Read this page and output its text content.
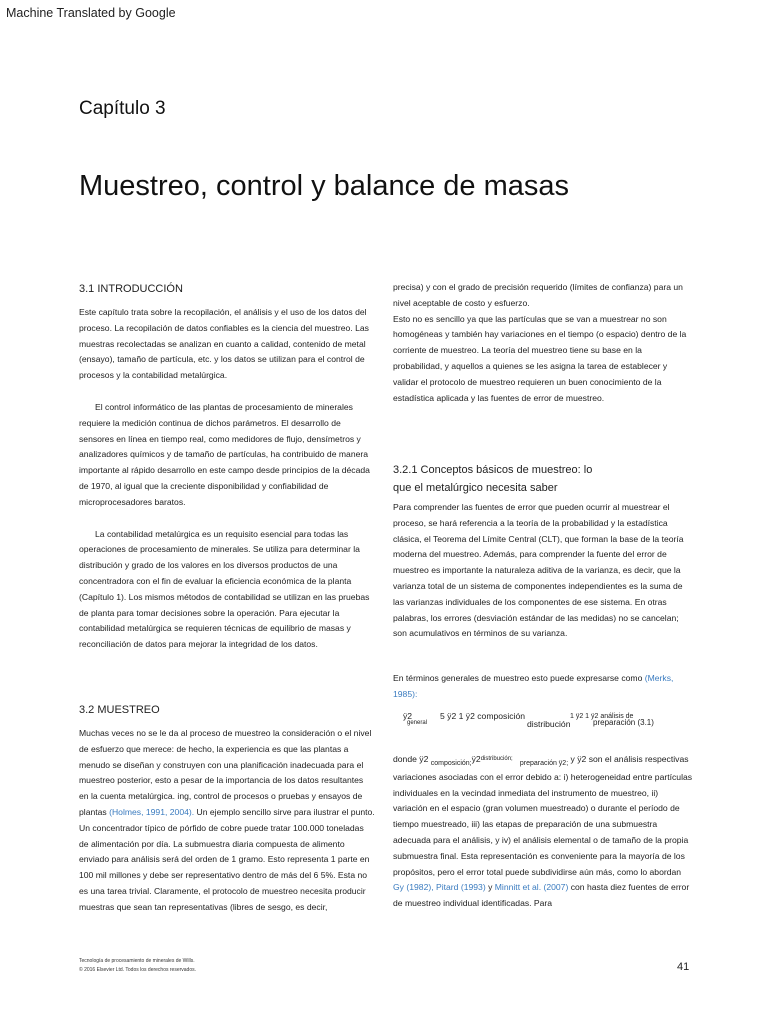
Machine Translated by Google
Capítulo 3
Muestreo, control y balance de masas
3.1 INTRODUCCIÓN

Este capítulo trata sobre la recopilación, el análisis y el uso de los datos del proceso. La recopilación de datos confiables es la ciencia del muestreo. Las muestras recolectadas se analizan en cuanto a calidad, contenido de metal (ensayo), tamaño de partícula, etc. y los datos se utilizan para el control de procesos y la contabilidad metalúrgica.

El control informático de las plantas de procesamiento de minerales requiere la medición continua de dichos parámetros. El desarrollo de sensores en línea en tiempo real, como medidores de flujo, densímetros y analizadores químicos y de tamaño de partículas, ha contribuido de manera importante al rápido desarrollo en este campo desde principios de la década de 1970, al igual que la creciente disponibilidad y confiabilidad de microprocesadores baratos.

La contabilidad metalúrgica es un requisito esencial para todas las operaciones de procesamiento de minerales. Se utiliza para determinar la distribución y grado de los valores en los diversos productos de una concentradora con el fin de evaluar la eficiencia económica de la planta (Capítulo 1). Los mismos métodos de contabilidad se utilizan en las pruebas de planta para tomar decisiones sobre la operación. Para ejecutar la contabilidad metalúrgica se requieren técnicas de equilibrio de masas y reconciliación de datos para mejorar la integridad de los datos.

3.2 MUESTREO

Muchas veces no se le da al proceso de muestreo la consideración o el nivel de esfuerzo que merece: de hecho, la experiencia es que las plantas a menudo se diseñan y construyen con una planificación inadecuada para el muestreo posterior, esto a pesar de la importancia de los datos resultantes en la cuenta metalúrgica. ing, control de procesos o pruebas y ensayos de plantas (Holmes, 1991, 2004). Un ejemplo sencillo sirve para ilustrar el punto. Un concentrador típico de pórfido de cobre puede tratar 100.000 toneladas de alimentación por día. La submuestra diaria compuesta de alimento enviado para análisis será del orden de 1 gramo. Esto representa 1 parte en 100 mil millones y debe ser representativo dentro de más del 6 5%. Esta no es una tarea trivial. Claramente, el protocolo de muestreo necesita producir muestras que sean tan representativas (libres de sesgo, es decir,

precisa) y con el grado de precisión requerido (límites de confianza) para un nivel aceptable de costo y esfuerzo.

Esto no es sencillo ya que las partículas que se van a muestrear no son homogéneas y también hay variaciones en el tiempo (o espacio) dentro de la corriente de muestreo. La teoría del muestreo tiene su base en la probabilidad, y aquellos a quienes se les asigna la tarea de establecer y validar el protocolo de muestreo requieren un buen conocimiento de la estadística aplicada y las fuentes de error de muestreo.

3.2.1 Conceptos básicos de muestreo: lo
que el metalúrgico necesita saber

Para comprender las fuentes de error que pueden ocurrir al muestrear el proceso, se hará referencia a la teoría de la probabilidad y la estadística clásica, el Teorema del Límite Central (CLT), que forman la base de la teoría moderna del muestreo. Además, para comprender la fuente del error de muestreo es importante la naturaleza aditiva de la varianza, es decir, que la varianza total de un sistema de componentes independientes es la suma de las varianzas individuales de los componentes de ese sistema. En otras palabras, los errores (desviación estándar de las medidas) no se cancelan; son acumulativos en términos de su varianza.

En términos generales de muestreo esto puede expresarse como (Merks, 1985):

ÿ2
general
5 ÿ2 1 ÿ2 composición
distribución
1 ÿ2 1 ÿ2 análisis de
preparación (3.1)

donde ÿ2 $_{composición;}ÿ2^{distribución;}$   $_{preparación ÿ2;}$ y ÿ2 son el análisis respectivas variaciones asociadas con el error debido a: i) heterogeneidad entre partículas individuales en la vecindad inmediata del instrumento de muestreo, ii) variación en el espacio (gran volumen muestreado) o durante el período de tiempo muestreado, iii) las etapas de preparación de una submuestra adecuada para el análisis, y iv) el análisis elemental o de tamaño de la propia submuestra final. Esta representación es conveniente para la mayoría de los propósitos, pero el error total puede subdividirse aún más, como lo abordan Gy (1982), Pitard (1993) y Minnitt et al. (2007) con hasta diez fuentes de error de muestreo individual identificadas. Para

Tecnología de procesamiento de minerales de Wills.
© 2016 Elsevier Ltd. Todos los derechos reservados.	41
